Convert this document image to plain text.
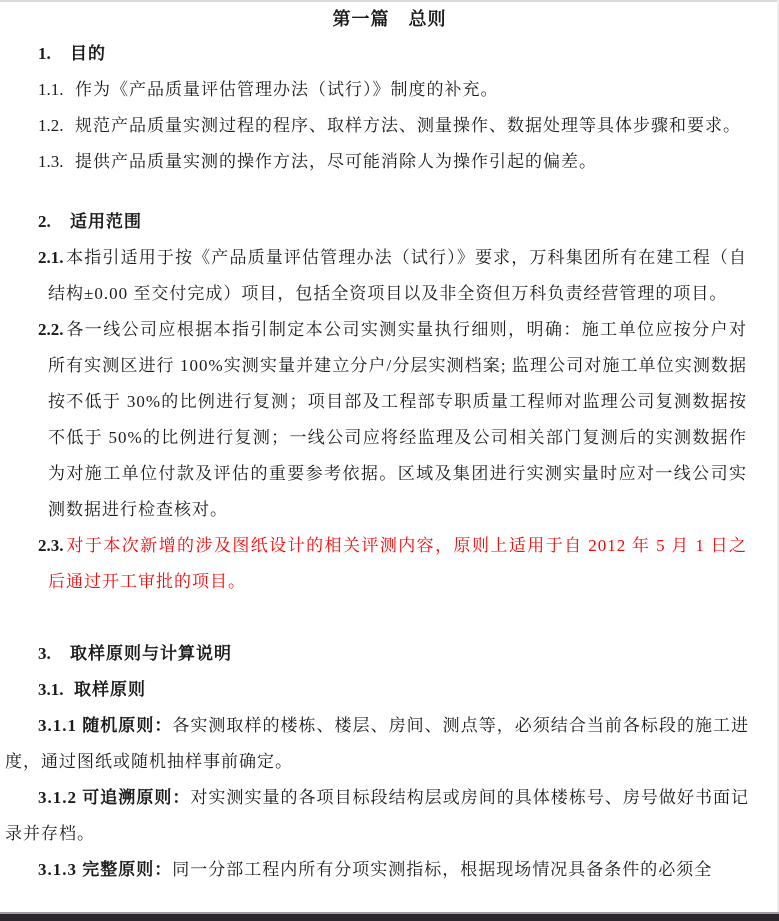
第一篇　总则
1. 目的
1.1. 作为《产品质量评估管理办法（试行）》制度的补充。
1.2. 规范产品质量实测过程的程序、取样方法、测量操作、数据处理等具体步骤和要求。
1.3. 提供产品质量实测的操作方法，尽可能消除人为操作引起的偏差。
2. 适用范围
2.1. 本指引适用于按《产品质量评估管理办法（试行）》要求，万科集团所有在建工程（自结构±0.00 至交付完成）项目，包括全资项目以及非全资但万科负责经营管理的项目。
2.2. 各一线公司应根据本指引制定本公司实测实量执行细则，明确：施工单位应按分户对所有实测区进行 100%实测实量并建立分户/分层实测档案; 监理公司对施工单位实测数据按不低于 30%的比例进行复测；项目部及工程部专职质量工程师对监理公司复测数据按不低于 50%的比例进行复测；一线公司应将经监理及公司相关部门复测后的实测数据作为对施工单位付款及评估的重要参考依据。区域及集团进行实测实量时应对一线公司实测数据进行检查核对。
2.3. 对于本次新增的涉及图纸设计的相关评测内容，原则上适用于自 2012 年 5 月 1 日之后通过开工审批的项目。
3. 取样原则与计算说明
3.1. 取样原则
3.1.1 随机原则：各实测取样的楼栋、楼层、房间、测点等，必须结合当前各标段的施工进度，通过图纸或随机抽样事前确定。
3.1.2 可追溯原则：对实测实量的各项目标段结构层或房间的具体楼栋号、房号做好书面记录并存档。
3.1.3 完整原则：同一分部工程内所有分项实测指标，根据现场情况具备条件的必须全
